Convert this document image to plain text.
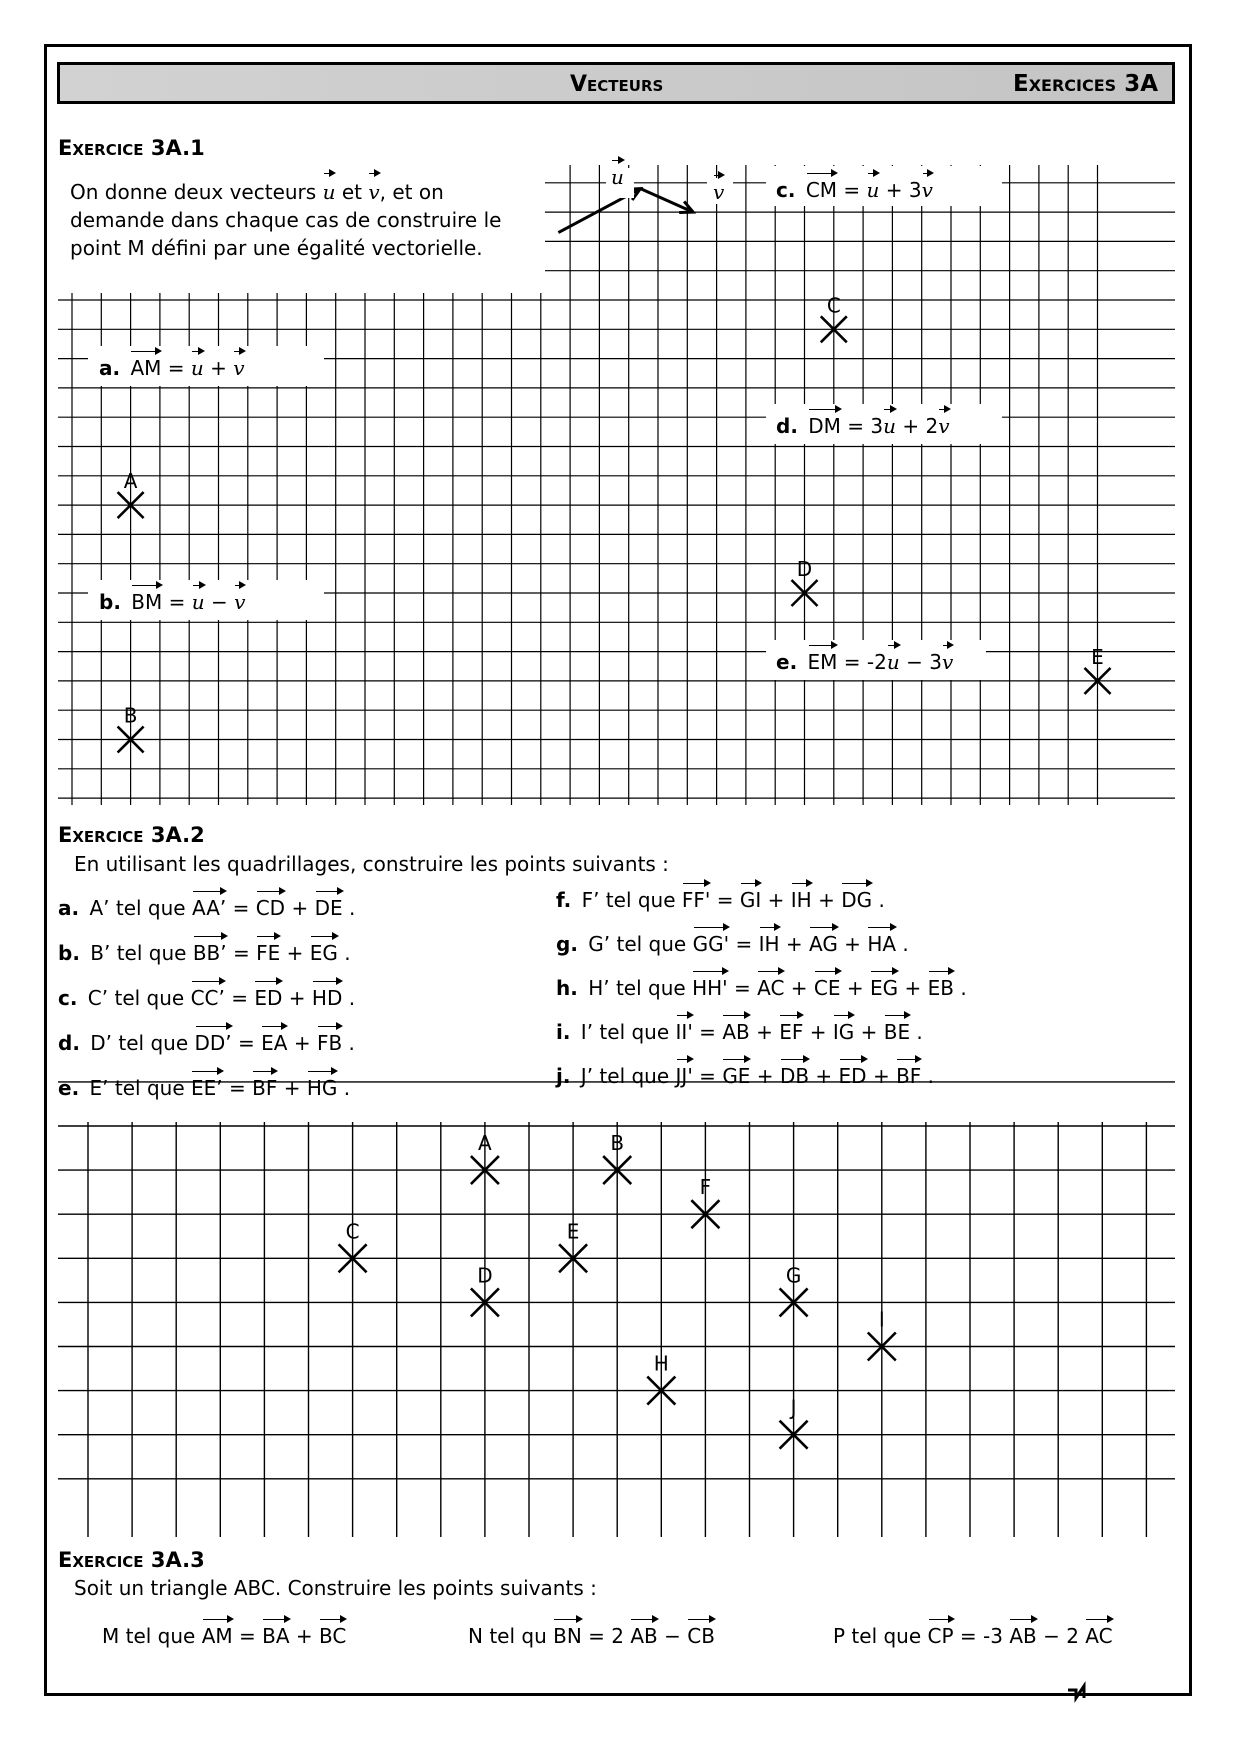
Vecteurs	Exercices 3A
A
B
C
D
E
Exercice 3A.1
On donne deux vecteurs u et v, et on
demande dans chaque cas de construire le
point M défini par une égalité vectorielle.
u
v
a. AM = u + v
b. BM = u − v
c. CM = u + 3v
d. DM = 3u + 2v
e. EM = -2u − 3v
Exercice 3A.2
En utilisant les quadrillages, construire les points suivants :
a. A’ tel que AA’ = CD + DE .
b. B’ tel que BB’ = FE + EG .
c. C’ tel que CC’ = ED + HD .
d. D’ tel que DD’ = EA + FB .
e. E’ tel que EE’ = BF + HG .
f. F’ tel que FF' = GI + IH + DG .
g. G’ tel que GG' = IH + AG + HA .
h. H’ tel que HH' = AC + CE + EG + EB .
i. I’ tel que II' = AB + EF + IG + BE .
j. J’ tel que JJ' = GE + DB + ED + BF .
A	B
F
C	E
D	G
I
H
J
Exercice 3A.3
Soit un triangle ABC. Construire les points suivants :
M tel que AM = BA + BC	N tel qu BN = 2 AB − CB	P tel que CP = -3 AB − 2 AC
